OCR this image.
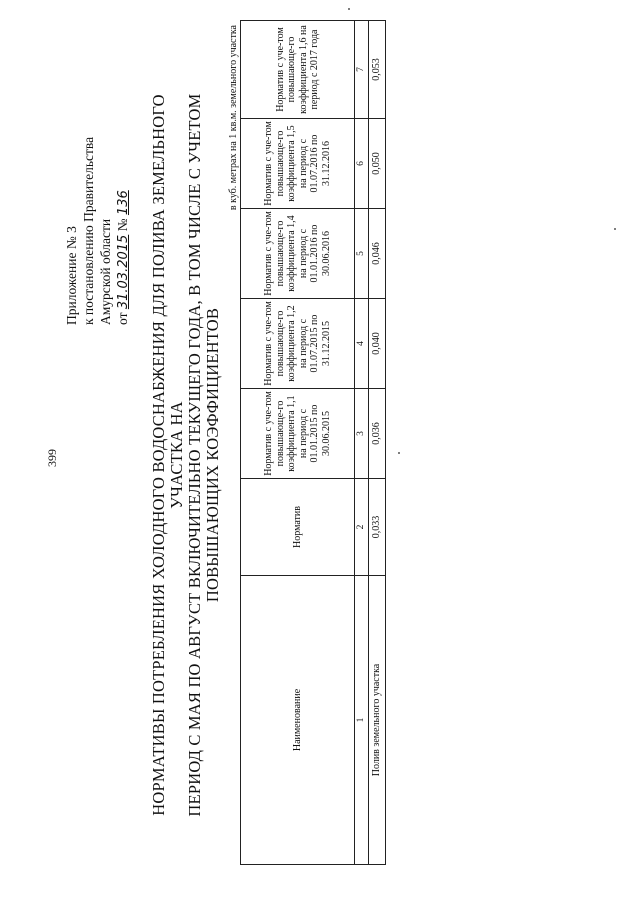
399
Приложение № 3 к постановлению Правительства Амурской области от 31.03.2015 № 136 НОРМАТИВЫ ПОТРЕБЛЕНИЯ ХОЛОДНОГО ВОДОСНАБЖЕНИЯ ДЛЯ ПОЛИВА ЗЕМЕЛЬНОГО УЧАСТКА НА ПЕРИОД С МАЯ ПО АВГУСТ ВКЛЮЧИТЕЛЬНО ТЕКУЩЕГО ГОДА, В ТОМ ЧИСЛЕ С УЧЕТОМ ПОВЫШАЮЩИХ КОЭФФИЦИЕНТОВ
в куб. метрах на 1 кв.м. земельного участка
Наименование	Норматив	Норматив с уче-том повышающе-го коэффициента 1,1 на период с 01.01.2015 по 30.06.2015	Норматив с уче-том повышающе-го коэффициента 1,2 на период с 01.07.2015 по 31.12.2015	Норматив с уче-том повышающе-го коэффициента 1,4 на период с 01.01.2016 по 30.06.2016	Норматив с уче-том повышающе-го коэффициента 1,5 на период с 01.07.2016 по 31.12.2016	Норматив с уче-том повышающе-го коэффициента 1,6 на период с 2017 года
1	2	3	4	5	6	7
Полив земельного участка	0,033	0,036	0,040	0,046	0,050	0,053
